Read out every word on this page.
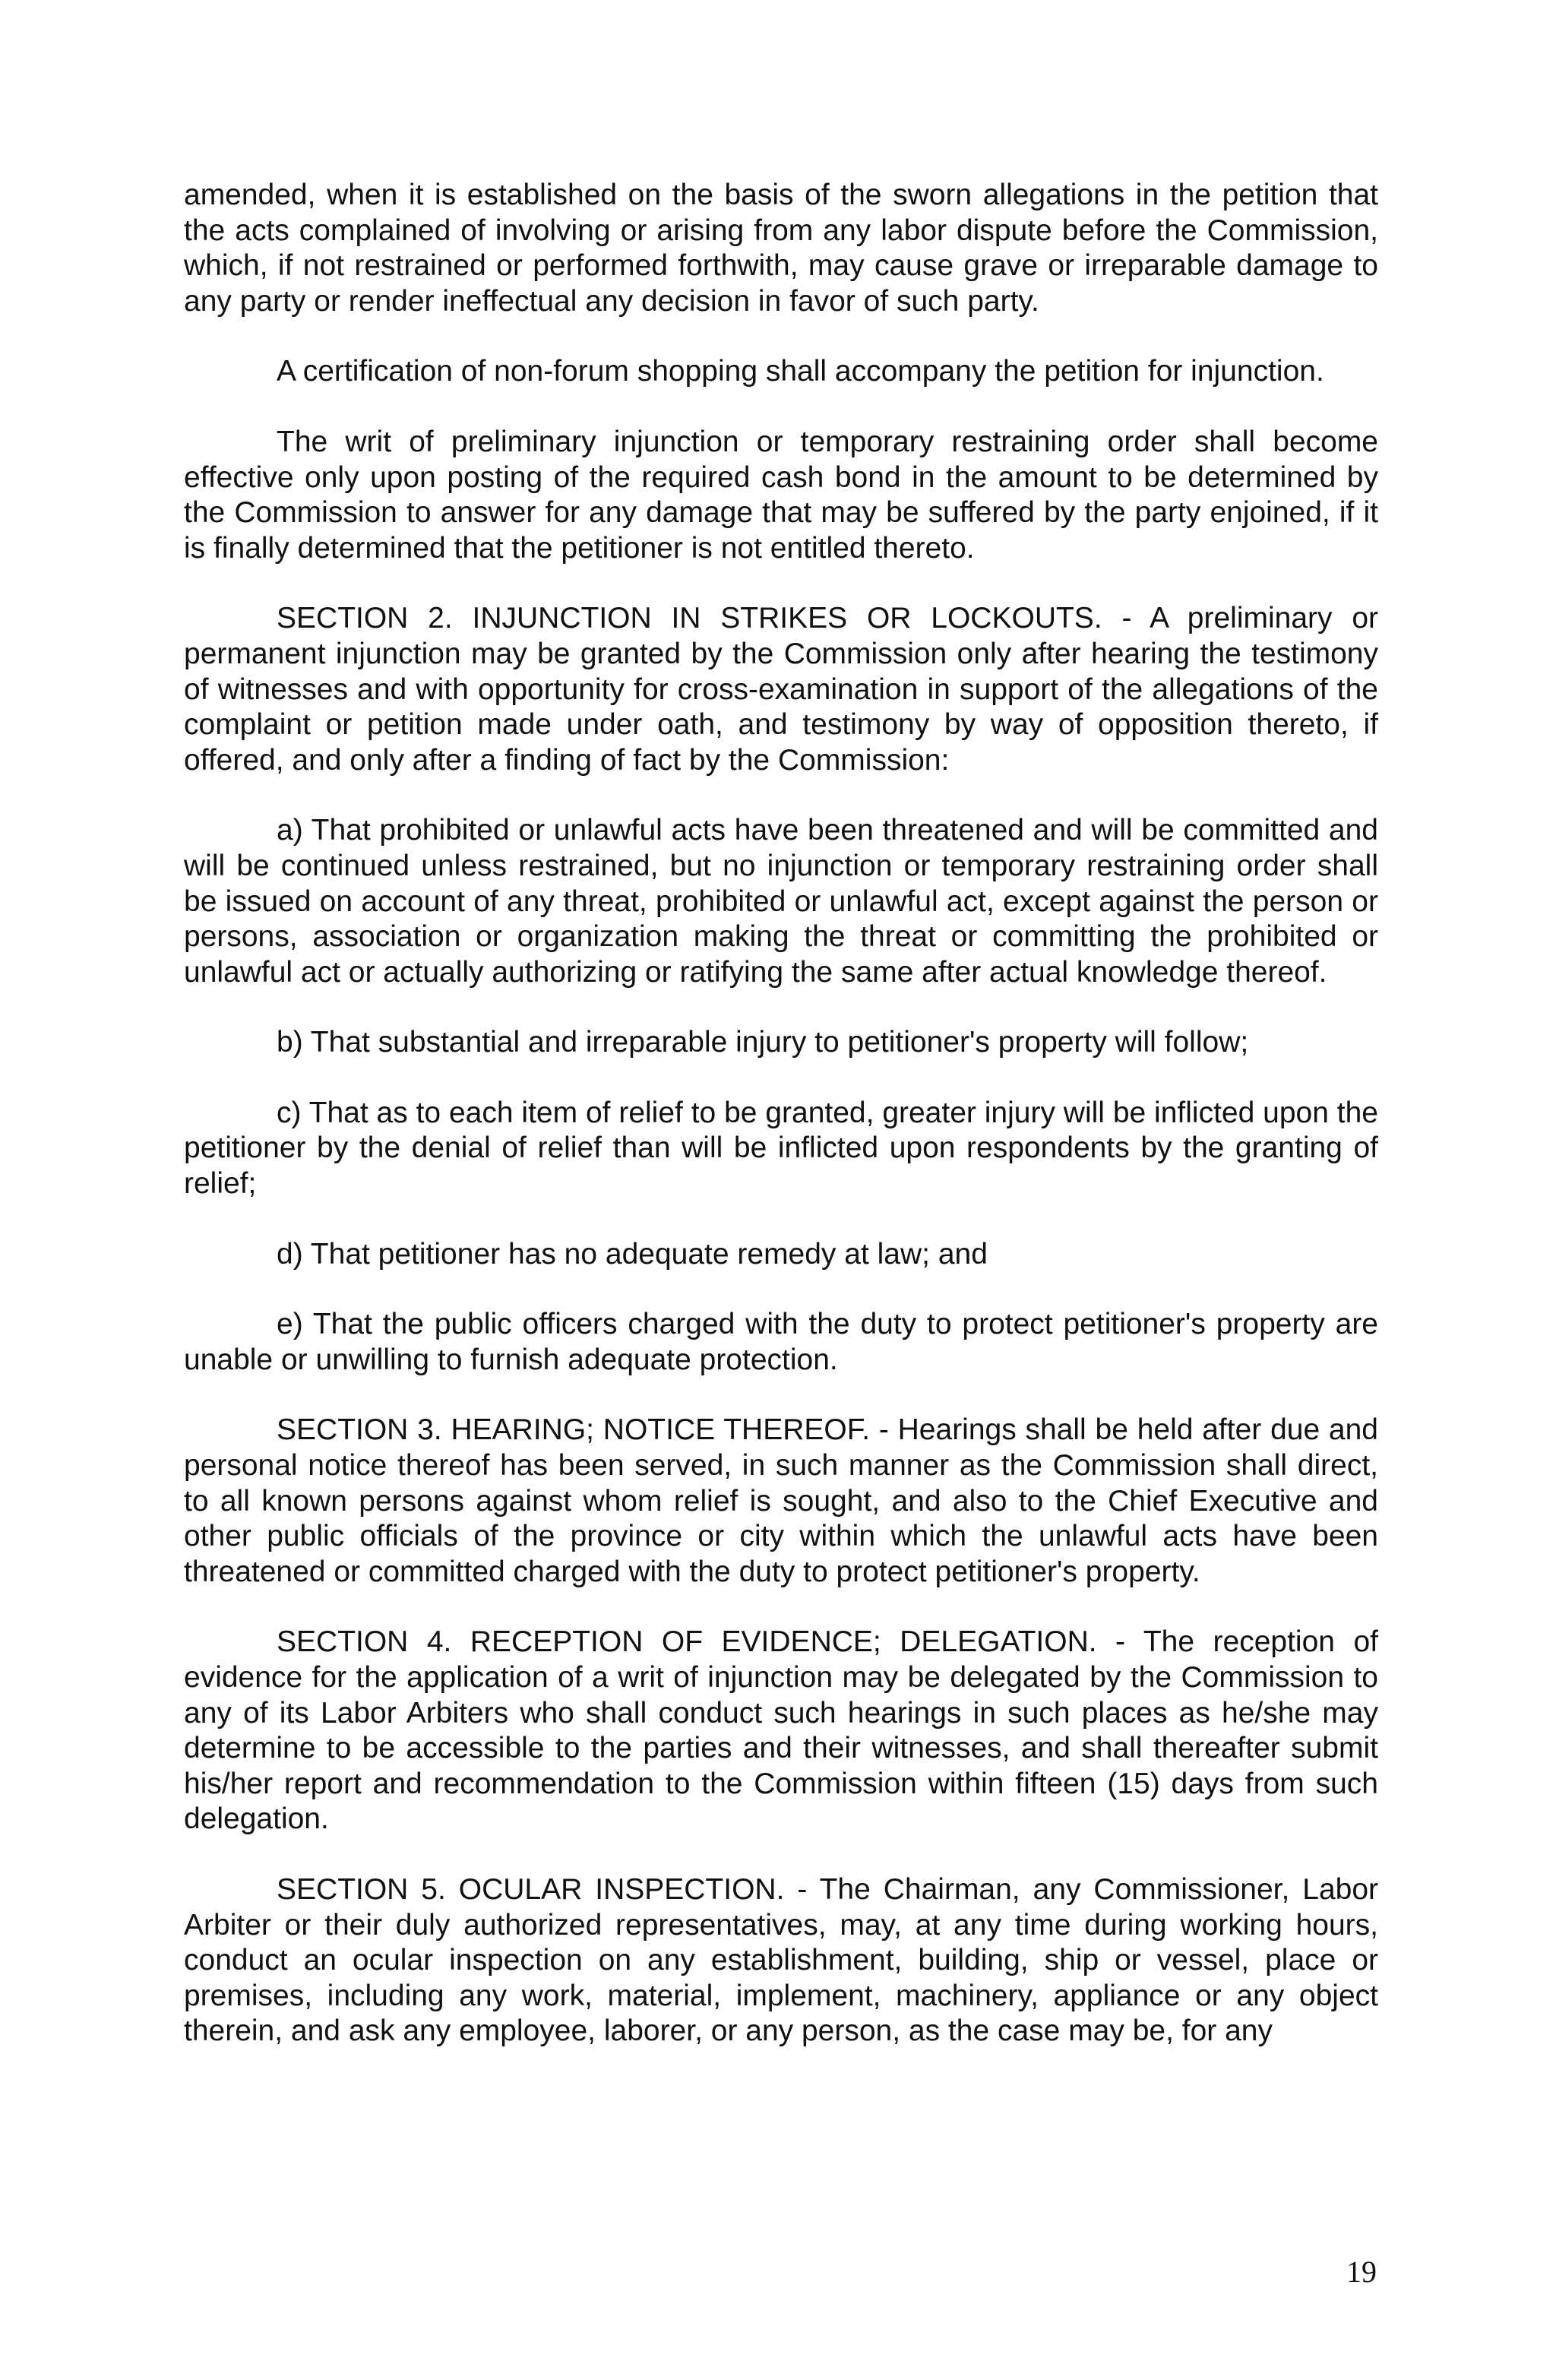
amended, when it is established on the basis of the sworn allegations in the petition that the acts complained of involving or arising from any labor dispute before the Commission, which, if not restrained or performed forthwith, may cause grave or irreparable damage to any party or render ineffectual any decision in favor of such party.

A certification of non-forum shopping shall accompany the petition for injunction.

The writ of preliminary injunction or temporary restraining order shall become effective only upon posting of the required cash bond in the amount to be determined by the Commission to answer for any damage that may be suffered by the party enjoined, if it is finally determined that the petitioner is not entitled thereto.

SECTION 2. INJUNCTION IN STRIKES OR LOCKOUTS. - A preliminary or permanent injunction may be granted by the Commission only after hearing the testimony of witnesses and with opportunity for cross-examination in support of the allegations of the complaint or petition made under oath, and testimony by way of opposition thereto, if offered, and only after a finding of fact by the Commission:

a) That prohibited or unlawful acts have been threatened and will be committed and will be continued unless restrained, but no injunction or temporary restraining order shall be issued on account of any threat, prohibited or unlawful act, except against the person or persons, association or organization making the threat or committing the prohibited or unlawful act or actually authorizing or ratifying the same after actual knowledge thereof.

b) That substantial and irreparable injury to petitioner's property will follow;

c) That as to each item of relief to be granted, greater injury will be inflicted upon the petitioner by the denial of relief than will be inflicted upon respondents by the granting of relief;

d) That petitioner has no adequate remedy at law; and

e) That the public officers charged with the duty to protect petitioner's property are unable or unwilling to furnish adequate protection.

SECTION 3. HEARING; NOTICE THEREOF. - Hearings shall be held after due and personal notice thereof has been served, in such manner as the Commission shall direct, to all known persons against whom relief is sought, and also to the Chief Executive and other public officials of the province or city within which the unlawful acts have been threatened or committed charged with the duty to protect petitioner's property.

SECTION 4. RECEPTION OF EVIDENCE; DELEGATION. - The reception of evidence for the application of a writ of injunction may be delegated by the Commission to any of its Labor Arbiters who shall conduct such hearings in such places as he/she may determine to be accessible to the parties and their witnesses, and shall thereafter submit his/her report and recommendation to the Commission within fifteen (15) days from such delegation.

SECTION 5. OCULAR INSPECTION. - The Chairman, any Commissioner, Labor Arbiter or their duly authorized representatives, may, at any time during working hours, conduct an ocular inspection on any establishment, building, ship or vessel, place or premises, including any work, material, implement, machinery, appliance or any object therein, and ask any employee, laborer, or any person, as the case may be, for any

19
